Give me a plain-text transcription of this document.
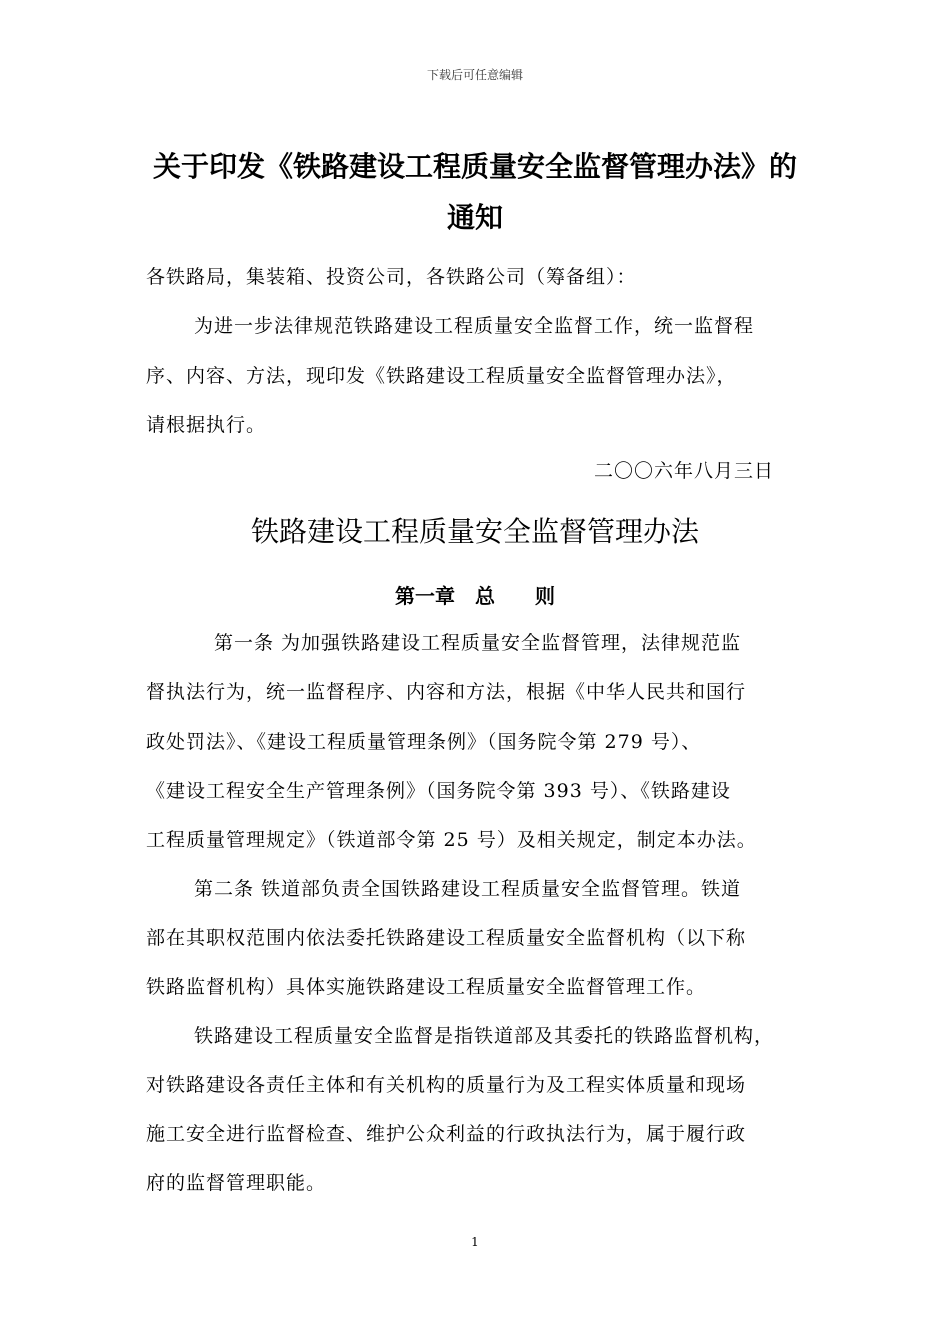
下载后可任意编辑
关于印发《铁路建设工程质量安全监督管理办法》的
通知
各铁路局，集装箱、投资公司，各铁路公司（筹备组）：
为进一步法律规范铁路建设工程质量安全监督工作，统一监督程
序、内容、方法，现印发《铁路建设工程质量安全监督管理办法》，
请根据执行。
二〇〇六年八月三日
铁路建设工程质量安全监督管理办法
第一章 总 则
第一条 为加强铁路建设工程质量安全监督管理，法律规范监
督执法行为，统一监督程序、内容和方法，根据《中华人民共和国行
政处罚法》、《建设工程质量管理条例》（国务院令第 279 号）、
《建设工程安全生产管理条例》（国务院令第 393 号）、《铁路建设
工程质量管理规定》（铁道部令第 25 号）及相关规定，制定本办法。
第二条 铁道部负责全国铁路建设工程质量安全监督管理。铁道
部在其职权范围内依法委托铁路建设工程质量安全监督机构（以下称
铁路监督机构）具体实施铁路建设工程质量安全监督管理工作。
铁路建设工程质量安全监督是指铁道部及其委托的铁路监督机构，
对铁路建设各责任主体和有关机构的质量行为及工程实体质量和现场
施工安全进行监督检查、维护公众利益的行政执法行为，属于履行政
府的监督管理职能。
1
